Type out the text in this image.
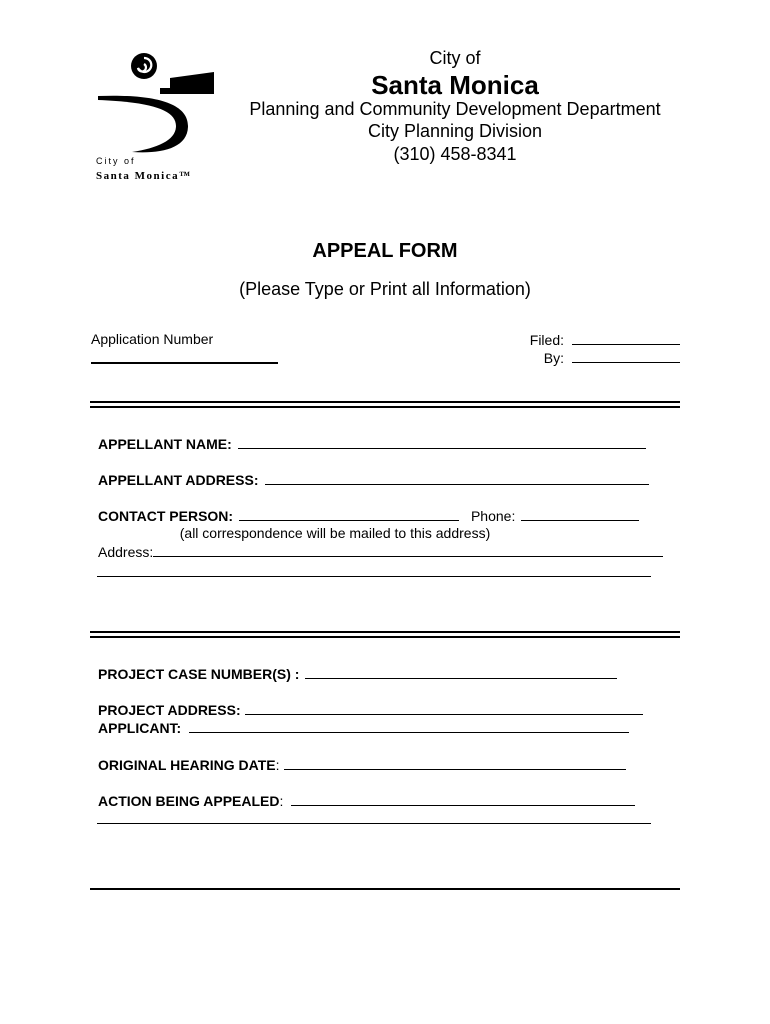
City of
Santa Monica™
City of
Santa Monica
Planning and Community Development Department
City Planning Division
(310) 458-8341
APPEAL FORM
(Please Type or Print all Information)
Application Number	Filed:
By:
APPELLANT NAME:
APPELLANT ADDRESS:
CONTACT PERSON:	Phone:
(all correspondence will be mailed to this address)
Address:
PROJECT CASE NUMBER(S) :
PROJECT ADDRESS:
APPLICANT:
ORIGINAL HEARING DATE:
ACTION BEING APPEALED:
